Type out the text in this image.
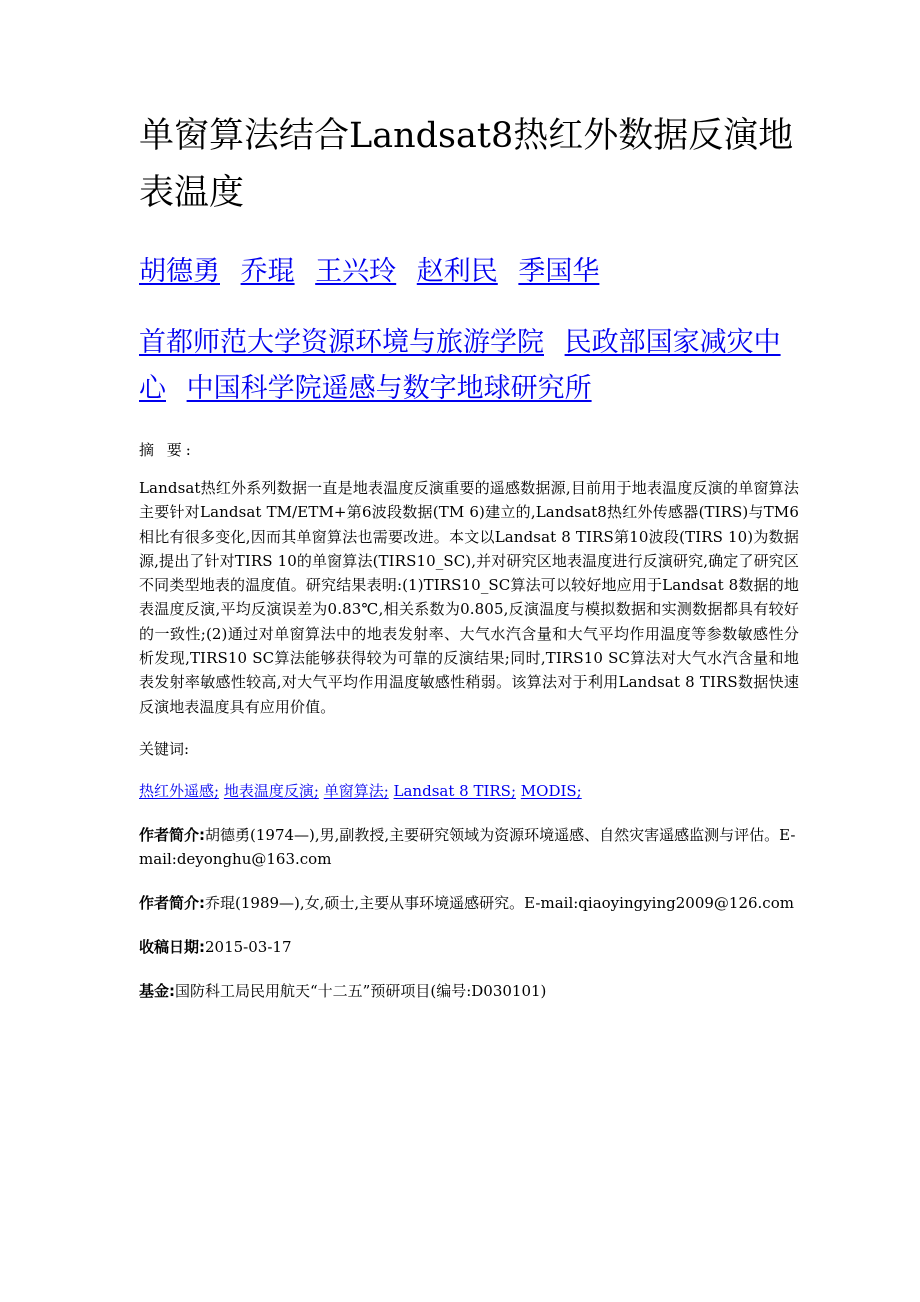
单窗算法结合Landsat8热红外数据反演地表温度
胡德勇 乔琨 王兴玲 赵利民 季国华
首都师范大学资源环境与旅游学院 民政部国家减灾中心 中国科学院遥感与数字地球研究所
摘 要:
Landsat热红外系列数据一直是地表温度反演重要的遥感数据源,目前用于地表温度反演的单窗算法主要针对Landsat TM/ETM+第6波段数据(TM 6)建立的,Landsat8热红外传感器(TIRS)与TM6相比有很多变化,因而其单窗算法也需要改进。本文以Landsat 8 TIRS第10波段(TIRS 10)为数据源,提出了针对TIRS 10的单窗算法(TIRS10_SC),并对研究区地表温度进行反演研究,确定了研究区不同类型地表的温度值。研究结果表明:(1)TIRS10_SC算法可以较好地应用于Landsat 8数据的地表温度反演,平均反演误差为0.83℃,相关系数为0.805,反演温度与模拟数据和实测数据都具有较好的一致性;(2)通过对单窗算法中的地表发射率、大气水汽含量和大气平均作用温度等参数敏感性分析发现,TIRS10 SC算法能够获得较为可靠的反演结果;同时,TIRS10 SC算法对大气水汽含量和地表发射率敏感性较高,对大气平均作用温度敏感性稍弱。该算法对于利用Landsat 8 TIRS数据快速反演地表温度具有应用价值。
关键词:
热红外遥感; 地表温度反演; 单窗算法; Landsat 8 TIRS; MODIS;
作者简介:胡德勇(1974—),男,副教授,主要研究领域为资源环境遥感、自然灾害遥感监测与评估。E-mail:deyonghu@163.com
作者简介:乔琨(1989—),女,硕士,主要从事环境遥感研究。E-mail:qiaoyingying2009@126.com
收稿日期:2015-03-17
基金:国防科工局民用航天“十二五”预研项目(编号:D030101)
